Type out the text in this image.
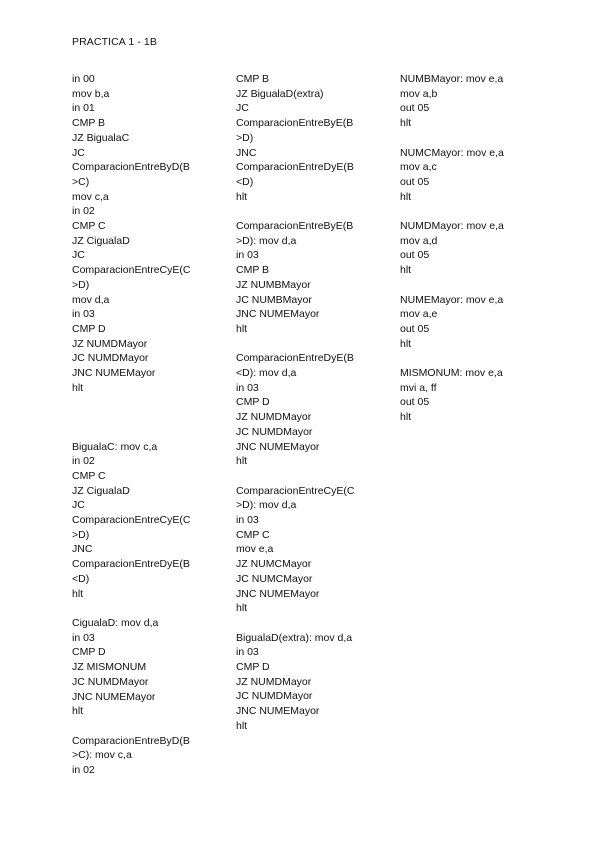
PRACTICA 1 - 1B
in 00
mov b,a
in 01
CMP B
JZ BigualaC
JC
ComparacionEntreByD(B
>C)
mov c,a
in 02
CMP C
JZ CigualaD
JC
ComparacionEntreCyE(C
>D)
mov d,a
in 03
CMP D
JZ NUMDMayor
JC NUMDMayor
JNC NUMEMayor
hlt
BigualaC: mov c,a
in 02
CMP C
JZ CigualaD
JC
ComparacionEntreCyE(C
>D)
JNC
ComparacionEntreDyE(B
<D)
hlt
CigualaD: mov d,a
in 03
CMP D
JZ MISMONUM
JC NUMDMayor
JNC NUMEMayor
hlt
ComparacionEntreByD(B
>C): mov c,a
in 02
CMP B
JZ BigualaD(extra)
JC
ComparacionEntreByE(B
>D)
JNC
ComparacionEntreDyE(B
<D)
hlt
ComparacionEntreByE(B
>D): mov d,a
in 03
CMP B
JZ NUMBMayor
JC NUMBMayor
JNC NUMEMayor
hlt
ComparacionEntreDyE(B
<D): mov d,a
in 03
CMP D
JZ NUMDMayor
JC NUMDMayor
JNC NUMEMayor
hlt
ComparacionEntreCyE(C
>D): mov d,a
in 03
CMP C
mov e,a
JZ NUMCMayor
JC NUMCMayor
JNC NUMEMayor
hlt
BigualaD(extra): mov d,a
in 03
CMP D
JZ NUMDMayor
JC NUMDMayor
JNC NUMEMayor
hlt
NUMBMayor: mov e,a
mov a,b
out 05
hlt
NUMCMayor: mov e,a
mov a,c
out 05
hlt
NUMDMayor: mov e,a
mov a,d
out 05
hlt
NUMEMayor: mov e,a
mov a,e
out 05
hlt
MISMONUM: mov e,a
mvi a, ff
out 05
hlt
